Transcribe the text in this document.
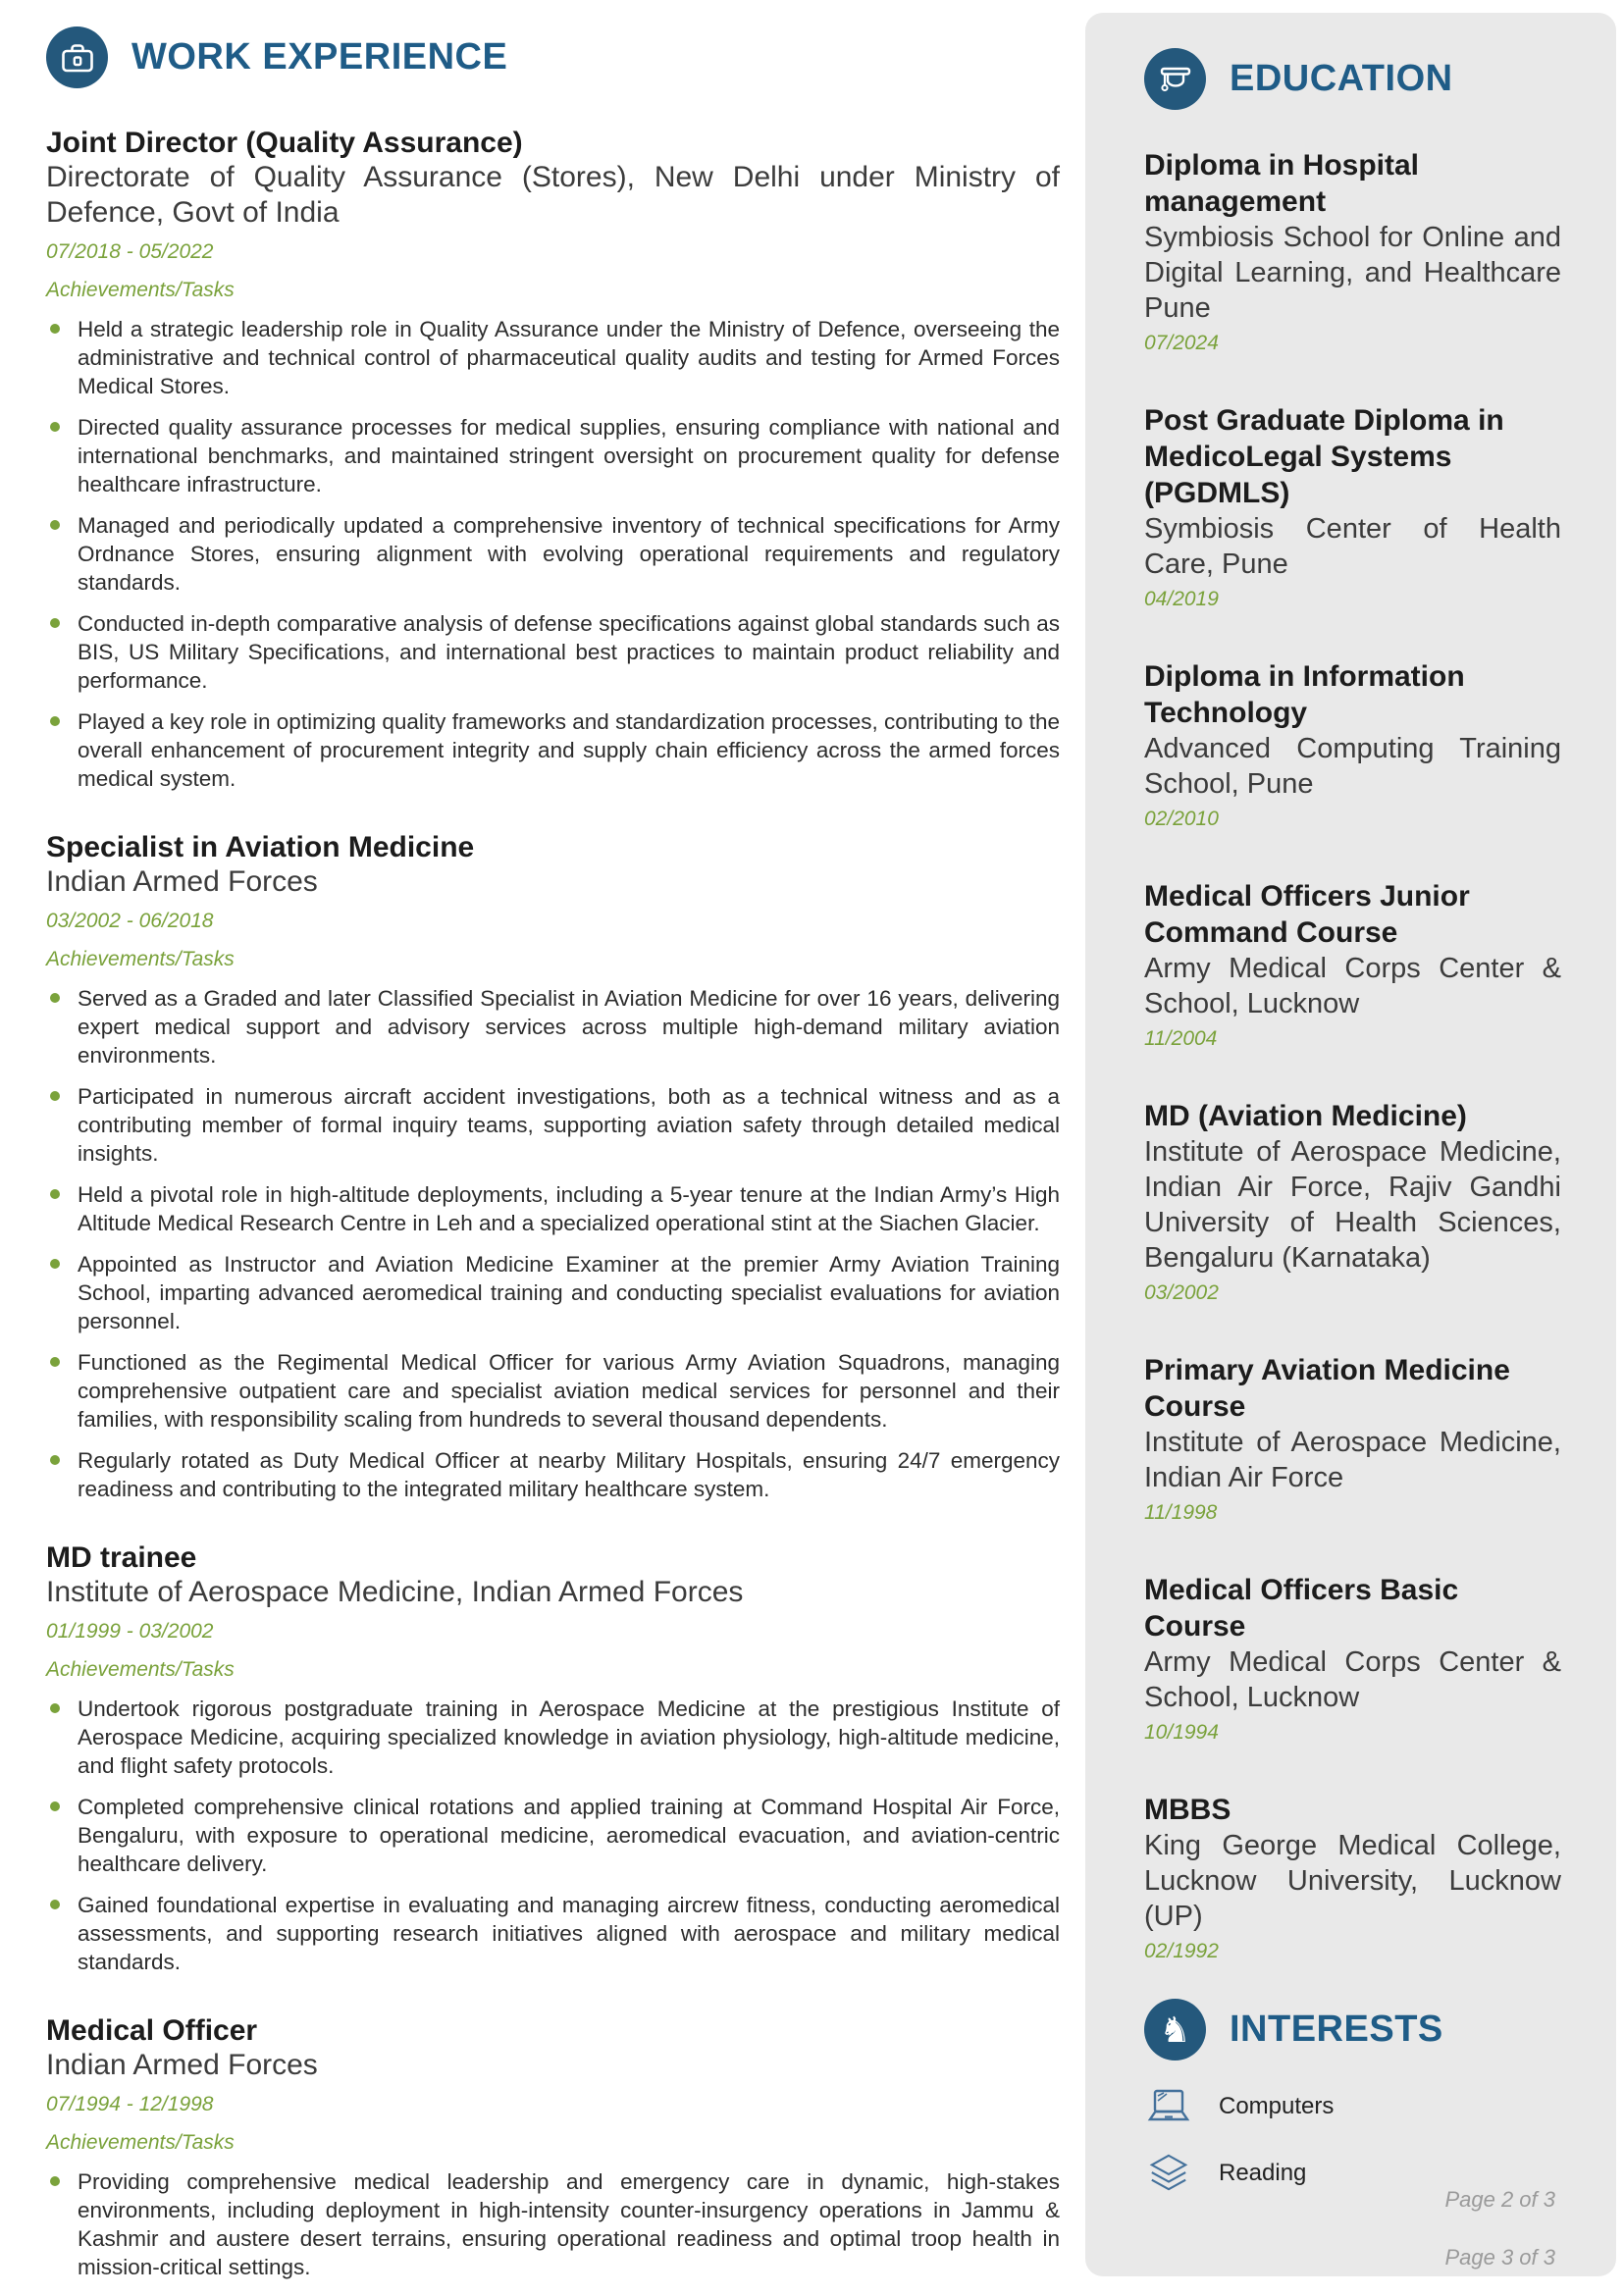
WORK EXPERIENCE
Joint Director (Quality Assurance)
Directorate of Quality Assurance (Stores), New Delhi under Ministry of Defence, Govt of India
07/2018 - 05/2022
Achievements/Tasks
Held a strategic leadership role in Quality Assurance under the Ministry of Defence, overseeing the administrative and technical control of pharmaceutical quality audits and testing for Armed Forces Medical Stores.
Directed quality assurance processes for medical supplies, ensuring compliance with national and international benchmarks, and maintained stringent oversight on procurement quality for defense healthcare infrastructure.
Managed and periodically updated a comprehensive inventory of technical specifications for Army Ordnance Stores, ensuring alignment with evolving operational requirements and regulatory standards.
Conducted in-depth comparative analysis of defense specifications against global standards such as BIS, US Military Specifications, and international best practices to maintain product reliability and performance.
Played a key role in optimizing quality frameworks and standardization processes, contributing to the overall enhancement of procurement integrity and supply chain efficiency across the armed forces medical system.
Specialist in Aviation Medicine
Indian Armed Forces
03/2002 - 06/2018
Achievements/Tasks
Served as a Graded and later Classified Specialist in Aviation Medicine for over 16 years, delivering expert medical support and advisory services across multiple high-demand military aviation environments.
Participated in numerous aircraft accident investigations, both as a technical witness and as a contributing member of formal inquiry teams, supporting aviation safety through detailed medical insights.
Held a pivotal role in high-altitude deployments, including a 5-year tenure at the Indian Army’s High Altitude Medical Research Centre in Leh and a specialized operational stint at the Siachen Glacier.
Appointed as Instructor and Aviation Medicine Examiner at the premier Army Aviation Training School, imparting advanced aeromedical training and conducting specialist evaluations for aviation personnel.
Functioned as the Regimental Medical Officer for various Army Aviation Squadrons, managing comprehensive outpatient care and specialist aviation medical services for personnel and their families, with responsibility scaling from hundreds to several thousand dependents.
Regularly rotated as Duty Medical Officer at nearby Military Hospitals, ensuring 24/7 emergency readiness and contributing to the integrated military healthcare system.
MD trainee
Institute of Aerospace Medicine, Indian Armed Forces
01/1999 - 03/2002
Achievements/Tasks
Undertook rigorous postgraduate training in Aerospace Medicine at the prestigious Institute of Aerospace Medicine, acquiring specialized knowledge in aviation physiology, high-altitude medicine, and flight safety protocols.
Completed comprehensive clinical rotations and applied training at Command Hospital Air Force, Bengaluru, with exposure to operational medicine, aeromedical evacuation, and aviation-centric healthcare delivery.
Gained foundational expertise in evaluating and managing aircrew fitness, conducting aeromedical assessments, and supporting research initiatives aligned with aerospace and military medical standards.
Medical Officer
Indian Armed Forces
07/1994 - 12/1998
Achievements/Tasks
Providing comprehensive medical leadership and emergency care in dynamic, high-stakes environments, including deployment in high-intensity counter-insurgency operations in Jammu & Kashmir and austere desert terrains, ensuring operational readiness and optimal troop health in mission-critical settings.
EDUCATION
Diploma in Hospital management
Symbiosis School for Online and Digital Learning, and Healthcare Pune
07/2024
Post Graduate Diploma in MedicoLegal Systems (PGDMLS)
Symbiosis Center of Health Care, Pune
04/2019
Diploma in Information Technology
Advanced Computing Training School, Pune
02/2010
Medical Officers Junior Command Course
Army Medical Corps Center & School, Lucknow
11/2004
MD (Aviation Medicine)
Institute of Aerospace Medicine, Indian Air Force, Rajiv Gandhi University of Health Sciences, Bengaluru (Karnataka)
03/2002
Primary Aviation Medicine Course
Institute of Aerospace Medicine, Indian Air Force
11/1998
Medical Officers Basic Course
Army Medical Corps Center & School, Lucknow
10/1994
MBBS
King George Medical College, Lucknow University, Lucknow (UP)
02/1992
♞ INTERESTS
Computers
Reading
Page 2 of 3
Page 3 of 3
